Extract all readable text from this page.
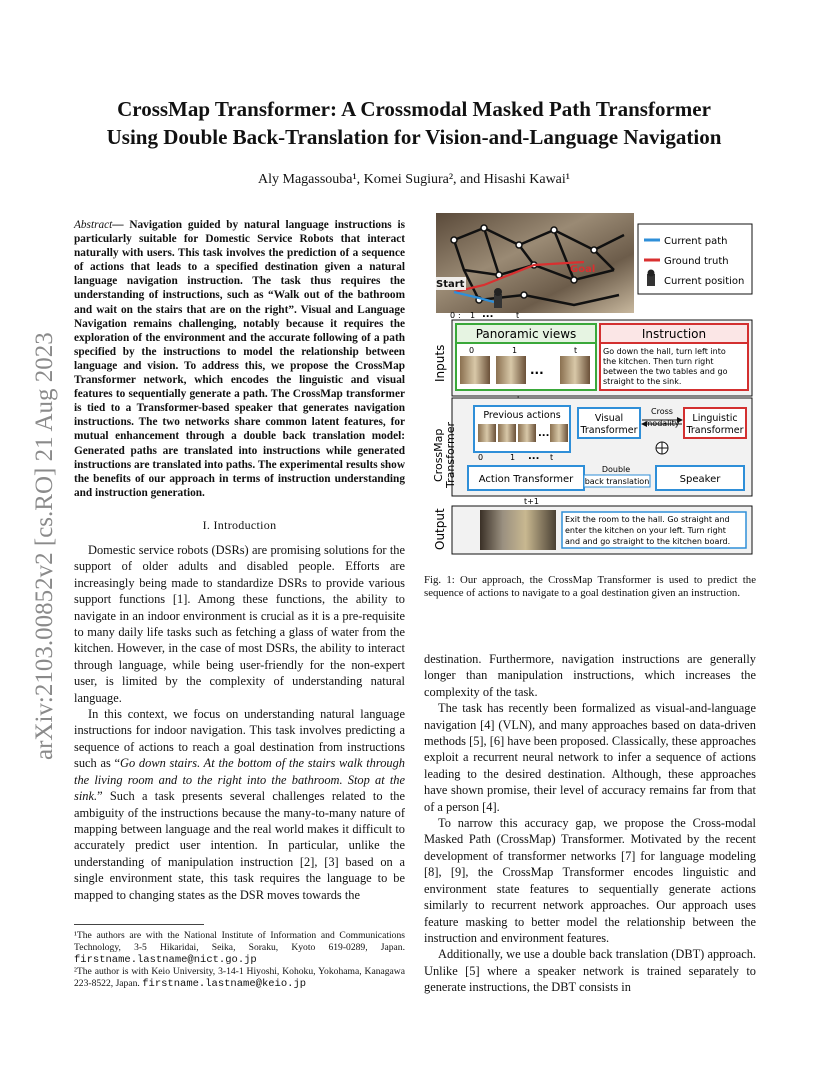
arXiv:2103.00852v2 [cs.RO] 21 Aug 2023
CrossMap Transformer: A Crossmodal Masked Path Transformer
Using Double Back-Translation for Vision-and-Language Navigation
Aly Magassouba¹, Komei Sugiura², and Hisashi Kawai¹
Abstract— Navigation guided by natural language instructions is particularly suitable for Domestic Service Robots that interact naturally with users. This task involves the prediction of a sequence of actions that leads to a specified destination given a natural language navigation instruction. The task thus requires the understanding of instructions, such as “Walk out of the bathroom and wait on the stairs that are on the right”. Visual and Language Navigation remains challenging, notably because it requires the exploration of the environment and the accurate following of a path specified by the instructions to model the relationship between language and vision. To address this, we propose the CrossMap Transformer network, which encodes the linguistic and visual features to sequentially generate a path. The CrossMap transformer is tied to a Transformer-based speaker that generates navigation instructions. The two networks share common latent features, for mutual enhancement through a double back translation model: Generated paths are translated into instructions while generated instructions are translated into paths. The experimental results show the benefits of our approach in terms of instruction understanding and instruction generation.
I. Introduction

Domestic service robots (DSRs) are promising solutions for the support of older adults and disabled people. Efforts are increasingly being made to standardize DSRs to provide various support functions [1]. Among these functions, the ability to navigate in an indoor environment is crucial as it is a pre-requisite to many daily life tasks such as fetching a glass of water from the kitchen. However, in the case of most DSRs, the ability to interact through language, while being user-friendly for the non-expert user, is limited by the complexity of understanding natural language.

In this context, we focus on understanding natural language instructions for indoor navigation. This task involves predicting a sequence of actions to reach a goal destination from instructions such as “Go down stairs. At the bottom of the stairs walk through the living room and to the right into the bathroom. Stop at the sink.” Such a task presents several challenges related to the ambiguity of the instructions because the many-to-many nature of mapping between language and the real world makes it difficult to accurately predict user intention. In particular, unlike the understanding of manipulation instruction [2], [3] based on a single environment state, this task requires the language to be mapped to changing states as the DSR moves towards the

¹The authors are with the National Institute of Information and Communications Technology, 3-5 Hikaridai, Seika, Soraku, Kyoto 619-0289, Japan. firstname.lastname@nict.go.jp
²The author is with Keio University, 3-14-1 Hiyoshi, Kohoku, Yokohama, Kanagawa 223-8522, Japan. firstname.lastname@keio.jp
Start
Goal
Current path
Ground truth
Current position
0 : 1 ...	t
Inputs
Panoramic views
0	1	t
...
Instruction
Go down the hall, turn left into
the kitchen. Then turn right
between the two tables and go
straight to the sink.
CrossMap Transformer
Previous actions
...
Visual
Transformer
Cross
modality Linguistic
Transformer
0	1 ... t
Action Transformer
Double
back translation	Speaker
t+1
Output	Exit the room to the hall. Go straight and
enter the kitchen on your left. Turn right
and and go straight to the kitchen board.
Fig. 1: Our approach, the CrossMap Transformer is used to predict the sequence of actions to navigate to a goal destination given an instruction.

destination. Furthermore, navigation instructions are generally longer than manipulation instructions, which increases the complexity of the task.

The task has recently been formalized as visual-and-language navigation [4] (VLN), and many approaches based on data-driven methods [5], [6] have been proposed. Classically, these approaches exploit a recurrent neural network to infer a sequence of actions leading to the desired destination. Although, these approaches have shown promise, their level of accuracy remains far from that of a person [4].

To narrow this accuracy gap, we propose the Cross-modal Masked Path (CrossMap) Transformer. Motivated by the recent development of transformer networks [7] for language modeling [8], [9], the CrossMap Transformer encodes linguistic and environment state features to sequentially generate actions similarly to recurrent network approaches. Our approach uses feature masking to better model the relationship between the instruction and environment features.

Additionally, we use a double back translation (DBT) approach. Unlike [5] where a speaker network is trained separately to generate instructions, the DBT consists in
